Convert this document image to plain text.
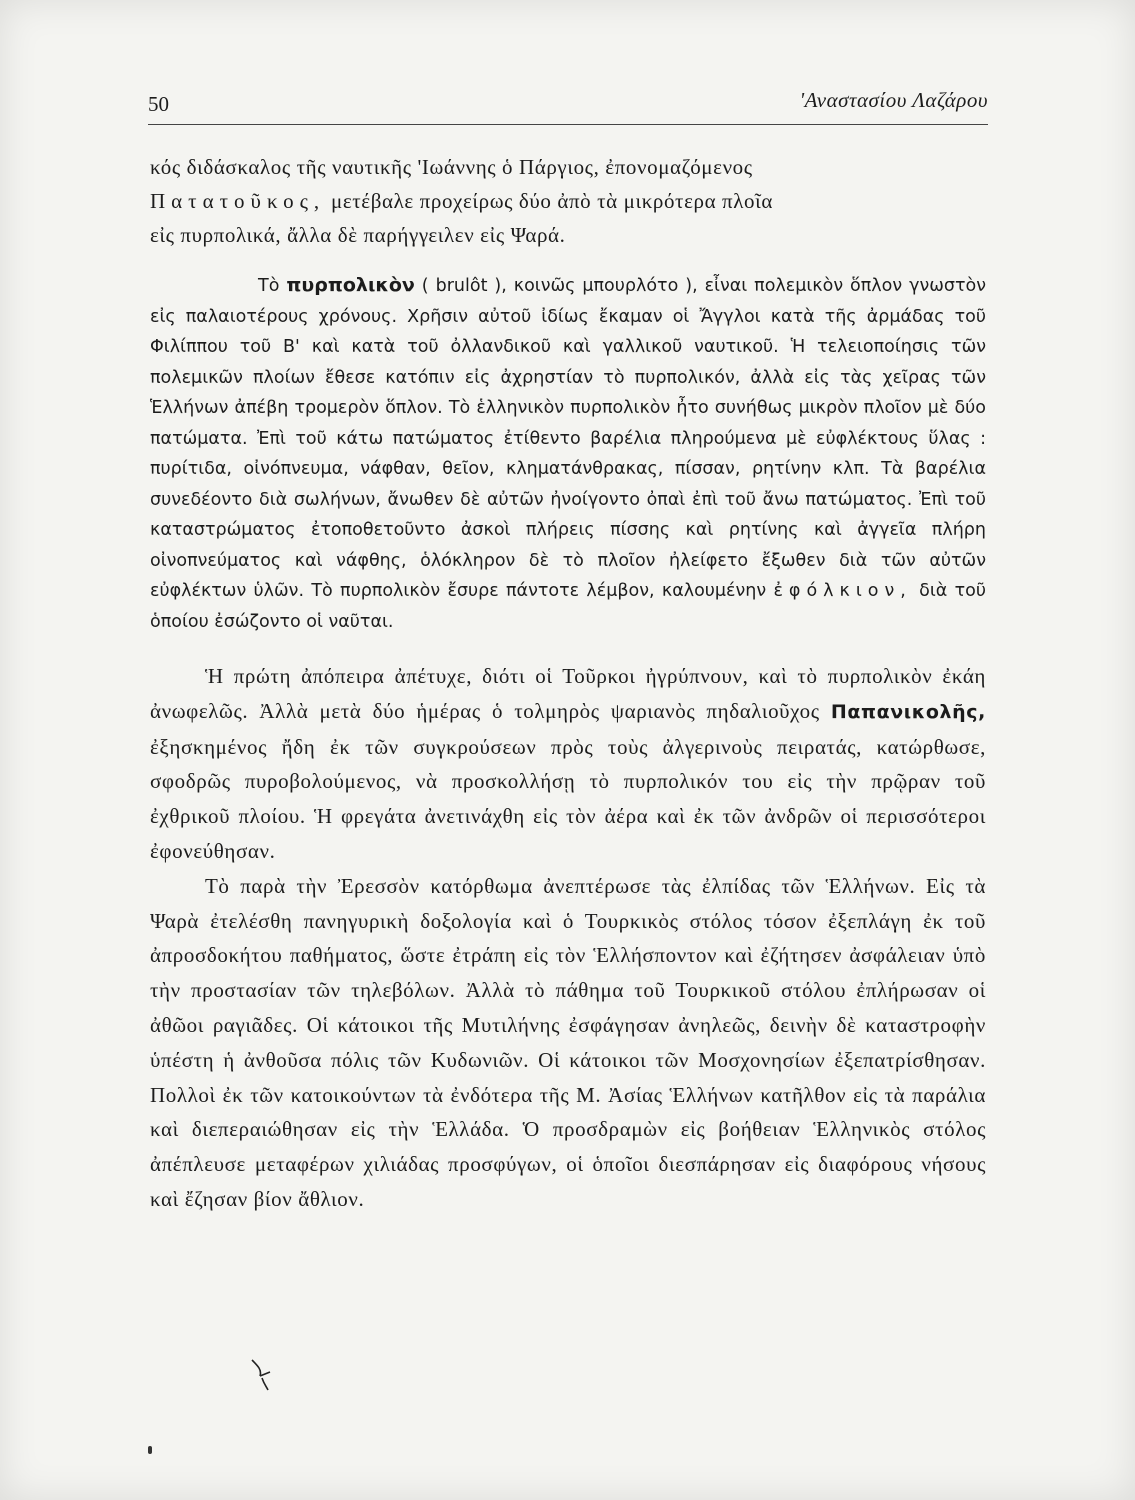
50	'Αναστασίου Λαζάρου

κός διδάσκαλος τῆς ναυτικῆς 'Ιωάννης ὁ Πάργιος, ἐπονομαζόμενος

Πατατοῦκος, μετέβαλε προχείρως δύο ἀπὸ τὰ μικρότερα πλοῖα

εἰς πυρπολικά, ἄλλα δὲ παρήγγειλεν εἰς Ψαρά.

Τὸ πυρπολικὸν ( brulôt ), κοινῶς μπουρλότο ), εἶναι πολεμικὸν ὅπλον γνωστὸν εἰς παλαιοτέρους χρόνους. Χρῆσιν αὐτοῦ ἰδίως ἔκαμαν οἱ Ἄγγλοι κατὰ τῆς ἀρμάδας τοῦ Φιλίππου τοῦ Β' καὶ κατὰ τοῦ ὀλλανδικοῦ καὶ γαλλικοῦ ναυτικοῦ. Ἡ τελειοποίησις τῶν πολεμικῶν πλοίων ἔθεσε κατόπιν εἰς ἀχρηστίαν τὸ πυρπολικόν, ἀλλὰ εἰς τὰς χεῖρας τῶν Ἑλλήνων ἀπέβη τρομερὸν ὅπλον. Τὸ ἑλληνικὸν πυρπολικὸν ἦτο συνήθως μικρὸν πλοῖον μὲ δύο πατώματα. Ἐπὶ τοῦ κάτω πατώματος ἐτίθεντο βαρέλια πληρούμενα μὲ εὐφλέκτους ὕλας : πυρίτιδα, οἰνόπνευμα, νάφθαν, θεῖον, κληματάνθρακας, πίσσαν, ρητίνην κλπ. Τὰ βαρέλια συνεδέοντο διὰ σωλήνων, ἄνωθεν δὲ αὐτῶν ἠνοίγοντο ὀπαὶ ἐπὶ τοῦ ἄνω πατώματος. Ἐπὶ τοῦ καταστρώματος ἐτοποθετοῦντο ἀσκοὶ πλήρεις πίσσης καὶ ρητίνης καὶ ἀγγεῖα πλήρη οἰνοπνεύματος καὶ νάφθης, ὁλόκληρον δὲ τὸ πλοῖον ἠλείφετο ἔξωθεν διὰ τῶν αὐτῶν εὐφλέκτων ὑλῶν. Τὸ πυρπολικὸν ἔσυρε πάντοτε λέμβον, καλουμένην ἐφόλκιον, διὰ τοῦ ὁποίου ἐσώζοντο οἱ ναῦται.

Ἡ πρώτη ἀπόπειρα ἀπέτυχε, διότι οἱ Τοῦρκοι ἠγρύπνουν, καὶ τὸ πυρπολικὸν ἐκάη ἀνωφελῶς. Ἀλλὰ μετὰ δύο ἡμέρας ὁ τολμηρὸς ψαριανὸς πηδαλιοῦχος Παπανικολῆς, ἐξησκημένος ἤδη ἐκ τῶν συγκρούσεων πρὸς τοὺς ἀλγερινοὺς πειρατάς, κατώρθωσε, σφοδρῶς πυροβολούμενος, νὰ προσκολλήσῃ τὸ πυρπολικόν του εἰς τὴν πρῷραν τοῦ ἐχθρικοῦ πλοίου. Ἡ φρεγάτα ἀνετινάχθη εἰς τὸν ἀέρα καὶ ἐκ τῶν ἀνδρῶν οἱ περισσότεροι ἐφονεύθησαν.

Τὸ παρὰ τὴν Ἐρεσσὸν κατόρθωμα ἀνεπτέρωσε τὰς ἐλπίδας τῶν Ἑλλήνων. Εἰς τὰ Ψαρὰ ἐτελέσθη πανηγυρικὴ δοξολογία καὶ ὁ Τουρκικὸς στόλος τόσον ἐξεπλάγη ἐκ τοῦ ἀπροσδοκήτου παθήματος, ὥστε ἐτράπη εἰς τὸν Ἑλλήσποντον καὶ ἐζήτησεν ἀσφάλειαν ὑπὸ τὴν προστασίαν τῶν τηλεβόλων. Ἀλλὰ τὸ πάθημα τοῦ Τουρκικοῦ στόλου ἐπλήρωσαν οἱ ἀθῶοι ραγιᾶδες. Οἱ κάτοικοι τῆς Μυτιλήνης ἐσφάγησαν ἀνηλεῶς, δεινὴν δὲ καταστροφὴν ὑπέστη ἡ ἀνθοῦσα πόλις τῶν Κυδωνιῶν. Οἱ κάτοικοι τῶν Μοσχονησίων ἐξεπατρίσθησαν. Πολλοὶ ἐκ τῶν κατοικούντων τὰ ἐνδότερα τῆς Μ. Ἀσίας Ἑλλήνων κατῆλθον εἰς τὰ παράλια καὶ διεπεραιώθησαν εἰς τὴν Ἑλλάδα. Ὁ προσδραμὼν εἰς βοήθειαν Ἑλληνικὸς στόλος ἀπέπλευσε μεταφέρων χιλιάδας προσφύγων, οἱ ὁποῖοι διεσπάρησαν εἰς διαφόρους νήσους καὶ ἔζησαν βίον ἄθλιον.
